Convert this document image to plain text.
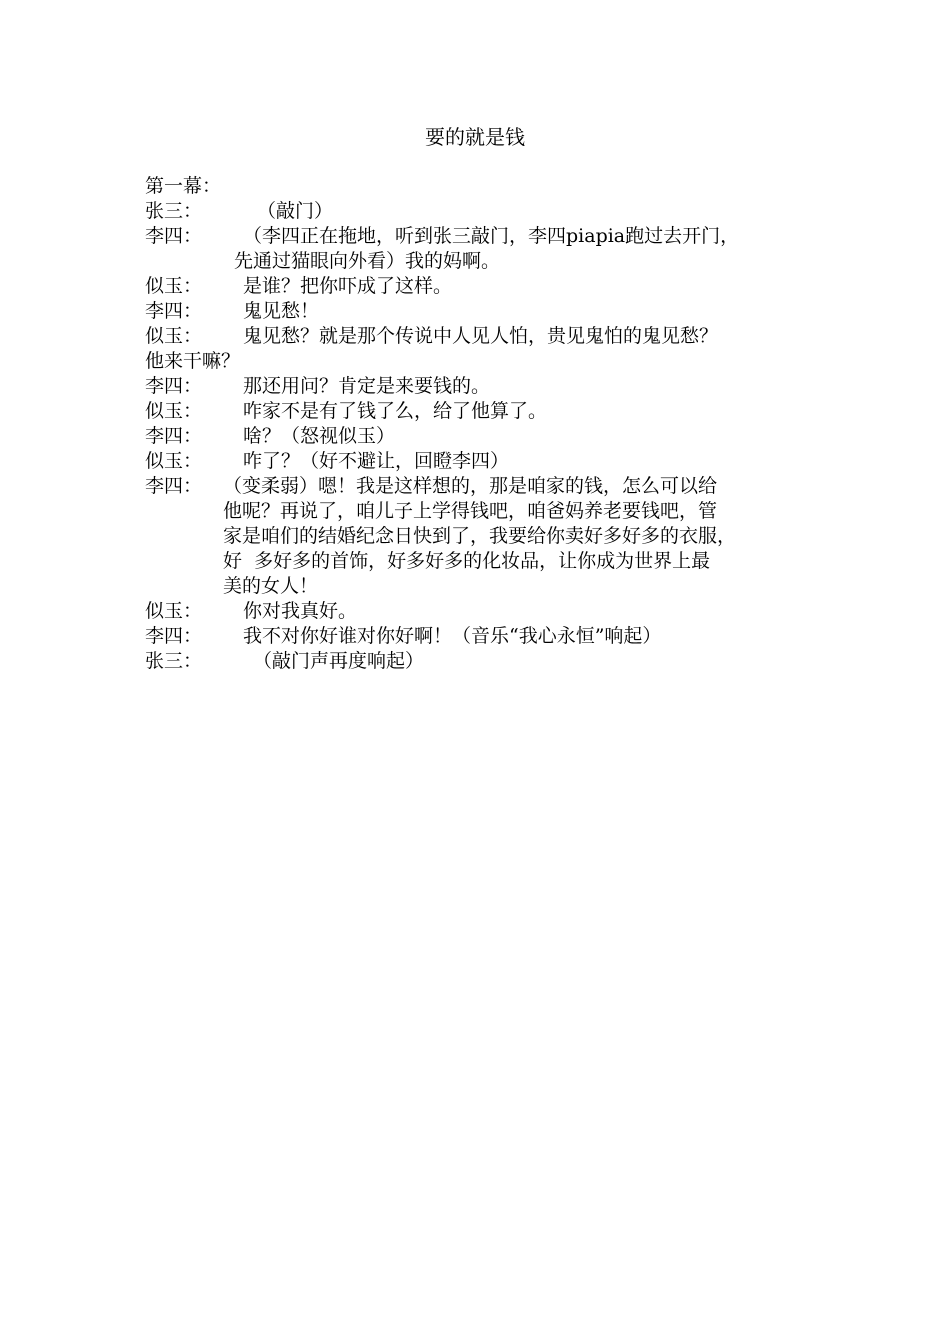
要的就是钱
第一幕：
张三：	（敲门）
李四： （李四正在拖地，听到张三敲门，李四piapia跑过去开门，
先通过猫眼向外看）我的妈啊。
似玉： 是谁？把你吓成了这样。
李四： 鬼见愁！
似玉： 鬼见愁？就是那个传说中人见人怕，贵见鬼怕的鬼见愁？
他来干嘛？
李四： 那还用问？肯定是来要钱的。
似玉： 咋家不是有了钱了么，给了他算了。
李四： 啥？（怒视似玉）
似玉： 咋了？（好不避让，回瞪李四）
李四： （变柔弱）嗯！我是这样想的，那是咱家的钱，怎么可以给
他呢？再说了，咱儿子上学得钱吧，咱爸妈养老要钱吧，管
家是咱们的结婚纪念日快到了，我要给你卖好多好多的衣服，
好  多好多的首饰，好多好多的化妆品，让你成为世界上最
美的女人！
似玉： 你对我真好。
李四： 我不对你好谁对你好啊！（音乐“我心永恒”响起）
张三：	（敲门声再度响起）
